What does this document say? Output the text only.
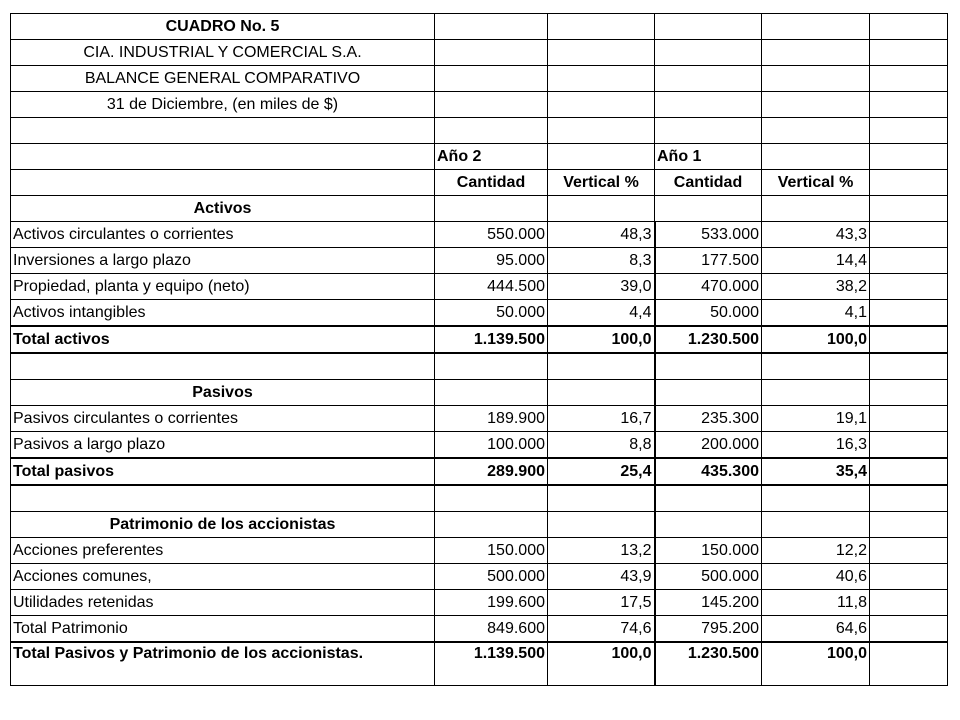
CUADRO No. 5					
CIA. INDUSTRIAL Y COMERCIAL S.A.					
BALANCE GENERAL COMPARATIVO					
31 de Diciembre, (en miles de $)					

	Año 2		Año 1		
	Cantidad	Vertical %	Cantidad	Vertical %	
Activos					
Activos circulantes o corrientes	550.000	48,3	533.000	43,3	
Inversiones a largo plazo	95.000	8,3	177.500	14,4	
Propiedad, planta y equipo (neto)	444.500	39,0	470.000	38,2	
Activos intangibles	50.000	4,4	50.000	4,1	
Total activos	1.139.500	100,0	1.230.500	100,0	

Pasivos					
Pasivos circulantes o corrientes	189.900	16,7	235.300	19,1	
Pasivos a largo plazo	100.000	8,8	200.000	16,3	
Total pasivos	289.900	25,4	435.300	35,4	

Patrimonio de los accionistas					
Acciones preferentes	150.000	13,2	150.000	12,2	
Acciones comunes,	500.000	43,9	500.000	40,6	
Utilidades retenidas	199.600	17,5	145.200	11,8	
Total Patrimonio	849.600	74,6	795.200	64,6	
Total Pasivos y Patrimonio de los accionistas.	1.139.500	100,0	1.230.500	100,0	
